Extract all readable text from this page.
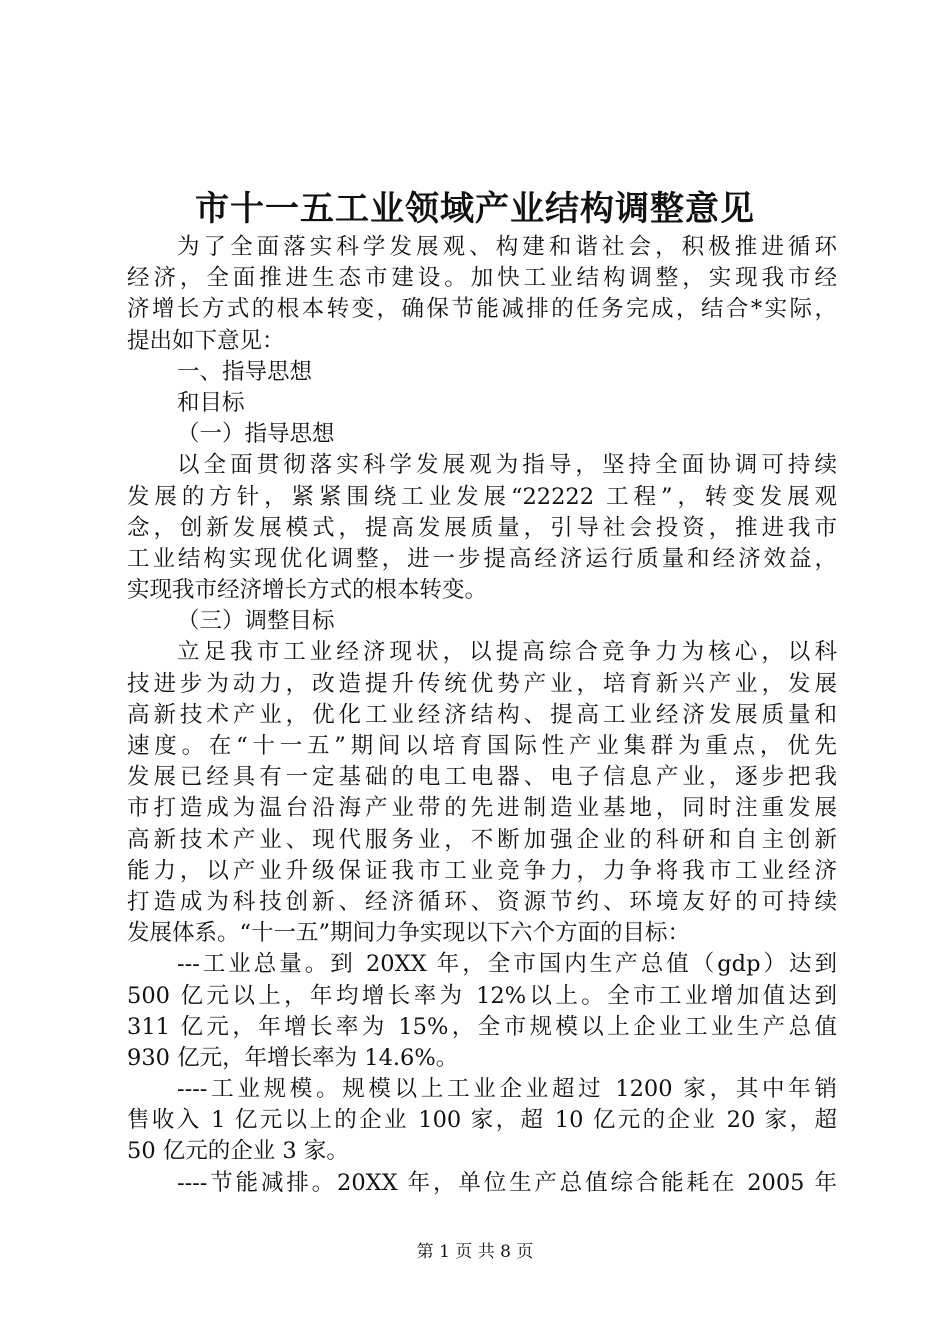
市十一五工业领域产业结构调整意见
为了全面落实科学发展观、构建和谐社会，积极推进循环
经济，全面推进生态市建设。加快工业结构调整，实现我市经
济增长方式的根本转变，确保节能减排的任务完成，结合*实际，
提出如下意见：
一、指导思想
和目标
（一）指导思想
以全面贯彻落实科学发展观为指导，坚持全面协调可持续
发展的方针，紧紧围绕工业发展“22222 工程”，转变发展观
念，创新发展模式，提高发展质量，引导社会投资，推进我市
工业结构实现优化调整，进一步提高经济运行质量和经济效益，
实现我市经济增长方式的根本转变。
（三）调整目标
立足我市工业经济现状，以提高综合竞争力为核心，以科
技进步为动力，改造提升传统优势产业，培育新兴产业，发展
高新技术产业，优化工业经济结构、提高工业经济发展质量和
速度。在“十一五”期间以培育国际性产业集群为重点，优先
发展已经具有一定基础的电工电器、电子信息产业，逐步把我
市打造成为温台沿海产业带的先进制造业基地，同时注重发展
高新技术产业、现代服务业，不断加强企业的科研和自主创新
能力，以产业升级保证我市工业竞争力，力争将我市工业经济
打造成为科技创新、经济循环、资源节约、环境友好的可持续
发展体系。“十一五”期间力争实现以下六个方面的目标：
---工业总量。到 20XX 年，全市国内生产总值（gdp）达到
500 亿元以上，年均增长率为 12%以上。全市工业增加值达到
311 亿元，年增长率为 15%，全市规模以上企业工业生产总值
930 亿元，年增长率为 14.6%。
----工业规模。规模以上工业企业超过 1200 家，其中年销
售收入 1 亿元以上的企业 100 家，超 10 亿元的企业 20 家，超
50 亿元的企业 3 家。
----节能减排。20XX 年，单位生产总值综合能耗在 2005 年
第 1 页 共 8 页
